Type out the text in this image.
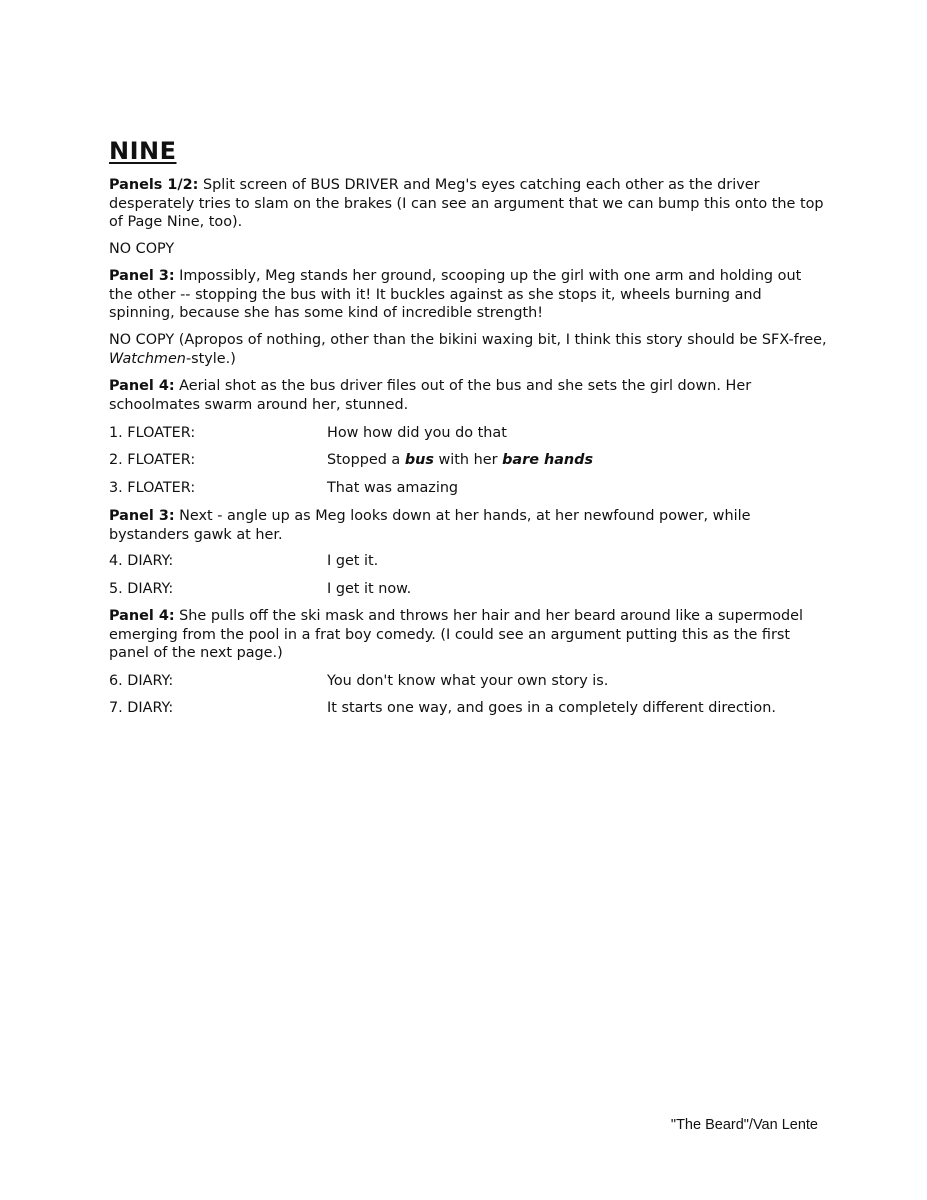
NINE
Panels 1/2: Split screen of BUS DRIVER and Meg's eyes catching each other as the driver desperately tries to slam on the brakes (I can see an argument that we can bump this onto the top of Page Nine, too).
NO COPY
Panel 3: Impossibly, Meg stands her ground, scooping up the girl with one arm and holding out the other -- stopping the bus with it! It buckles against as she stops it, wheels burning and spinning, because she has some kind of incredible strength!
NO COPY (Apropos of nothing, other than the bikini waxing bit, I think this story should be SFX-free, Watchmen-style.)
Panel 4: Aerial shot as the bus driver files out of the bus and she sets the girl down. Her schoolmates swarm around her, stunned.
1. FLOATER:	How how did you do that
2. FLOATER:	Stopped a bus with her bare hands
3. FLOATER:	That was amazing
Panel 3: Next - angle up as Meg looks down at her hands, at her newfound power, while bystanders gawk at her.
4. DIARY:	I get it.
5. DIARY:	I get it now.
Panel 4: She pulls off the ski mask and throws her hair and her beard around like a supermodel emerging from the pool in a frat boy comedy. (I could see an argument putting this as the first panel of the next page.)
6. DIARY:	You don't know what your own story is.
7. DIARY:	It starts one way, and goes in a completely different direction.
"The Beard"/Van Lente
